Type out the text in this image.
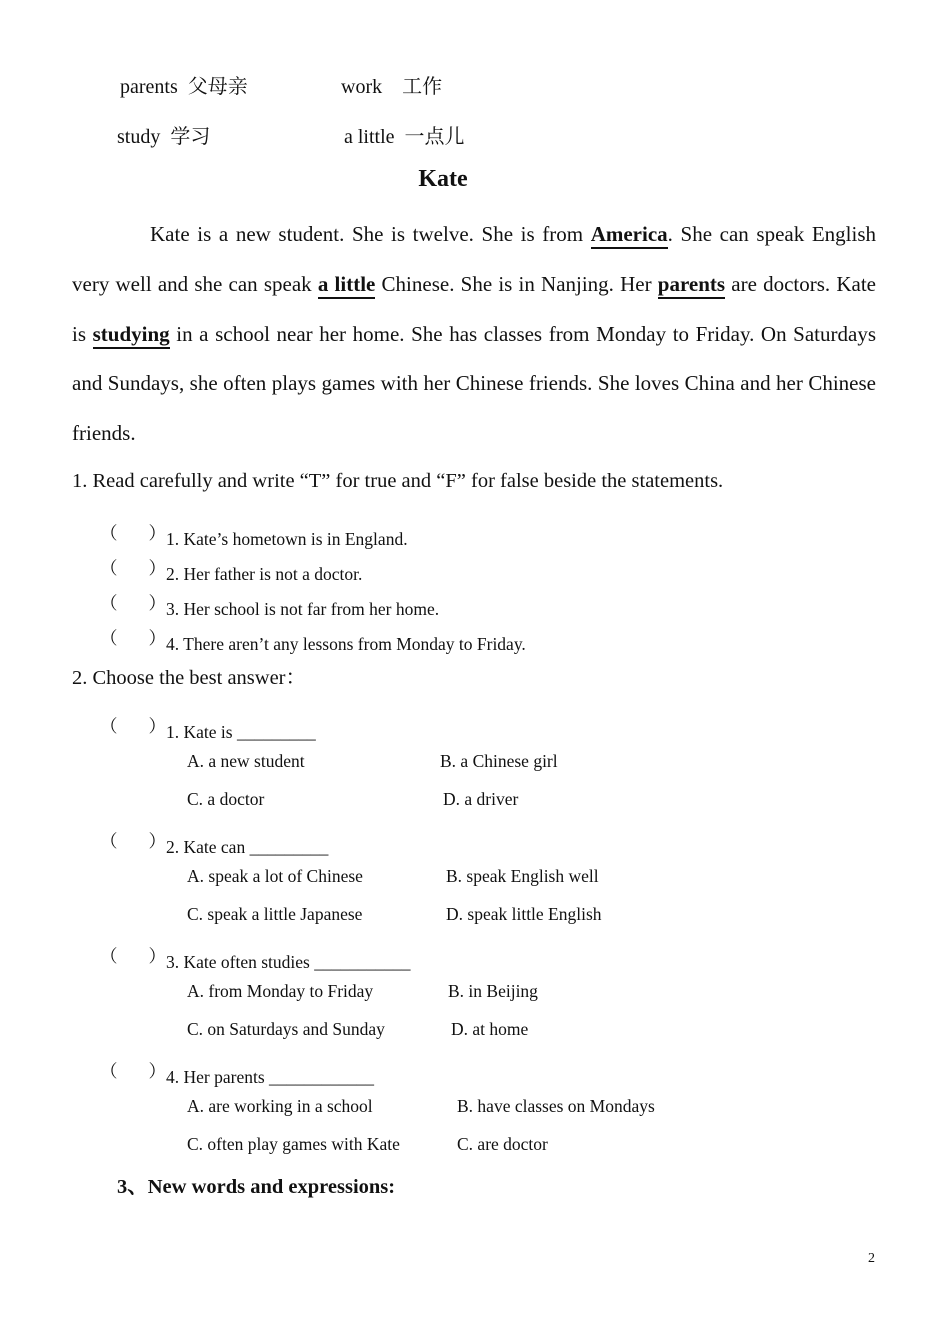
parents 父母亲	work 工作
study 学习	a little 一点儿
Kate
Kate is a new student. She is twelve. She is from America. She can speak English very well and she can speak a little Chinese. She is in Nanjing. Her parents are doctors. Kate is studying in a school near her home. She has classes from Monday to Friday. On Saturdays and Sundays, she often plays games with her Chinese friends. She loves China and her Chinese friends.
1. Read carefully and write “T” for true and “F” for false beside the statements.
（ ） 1. Kate’s hometown is in England.
（ ） 2. Her father is not a doctor.
（ ） 3. Her school is not far from her home.
（ ） 4. There aren’t any lessons from Monday to Friday.
2. Choose the best answer：
（ ） 1. Kate is _________
A. a new student	B. a Chinese girl
C. a doctor	D. a driver
（ ） 2. Kate can _________
A. speak a lot of Chinese	B. speak English well
C. speak a little Japanese	D. speak little English
（ ） 3. Kate often studies ___________
A. from Monday to Friday	B. in Beijing
C. on Saturdays and Sunday	D. at home
（ ） 4. Her parents ____________
A. are working in a school	B. have classes on Mondays
C. often play games with Kate	C. are doctor
3、New words and expressions:
2
